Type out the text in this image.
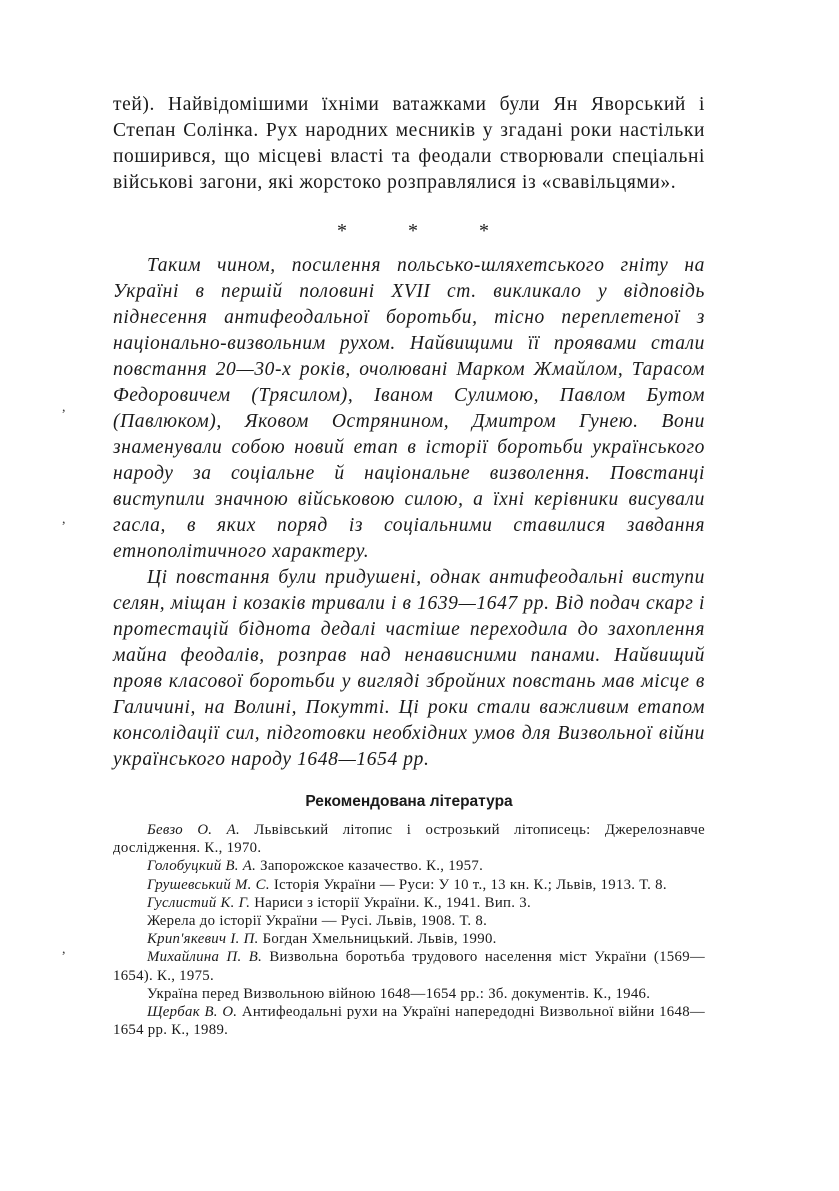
тей). Найвідомішими їхніми ватажками були Ян Яворський і Степан Солінка. Рух народних месників у згадані роки настільки поширився, що місцеві власті та феодали створювали спеціальні військові загони, які жорстоко розправлялися із «свавільцями».

* * *

Таким чином, посилення польсько-шляхетського гніту на Україні в першій половині XVII ст. викликало у відповідь піднесення антифеодальної боротьби, тісно переплетеної з національно-визвольним рухом. Найвищими її проявами стали повстання 20—30-х років, очолювані Марком Жмайлом, Тарасом Федоровичем (Трясилом), Іваном Сулимою, Павлом Бутом (Павлюком), Яковом Острянином, Дмитром Гунею. Вони знаменували собою новий етап в історії боротьби українського народу за соціальне й національне визволення. Повстанці виступили значною військовою силою, а їхні керівники висували гасла, в яких поряд із соціальними ставилися завдання етнополітичного характеру.

Ці повстання були придушені, однак антифеодальні виступи селян, міщан і козаків тривали і в 1639—1647 рр. Від подач скарг і протестацій біднота дедалі частіше переходила до захоплення майна феодалів, розправ над ненависними панами. Найвищий прояв класової боротьби у вигляді збройних повстань мав місце в Галичині, на Волині, Покутті. Ці роки стали важливим етапом консолідації сил, підготовки необхідних умов для Визвольної війни українського народу 1648—1654 рр.

Рекомендована література

Бевзо О. А. Львівський літопис і острозький літописець: Джерелознавче дослідження. К., 1970.

Голобуцкий В. А. Запорожское казачество. К., 1957.

Грушевський М. С. Історія України — Руси: У 10 т., 13 кн. К.; Львів, 1913. Т. 8.

Гуслистий К. Г. Нариси з історії України. К., 1941. Вип. 3.

Жерела до історії України — Русі. Львів, 1908. Т. 8.

Крип'якевич І. П. Богдан Хмельницький. Львів, 1990.

Михайлина П. В. Визвольна боротьба трудового населення міст України (1569—1654). К., 1975.

Україна перед Визвольною війною 1648—1654 рр.: Зб. документів. К., 1946.

Щербак В. О. Антифеодальні рухи на Україні напередодні Визвольної війни 1648—1654 рр. К., 1989.

,
,
,
